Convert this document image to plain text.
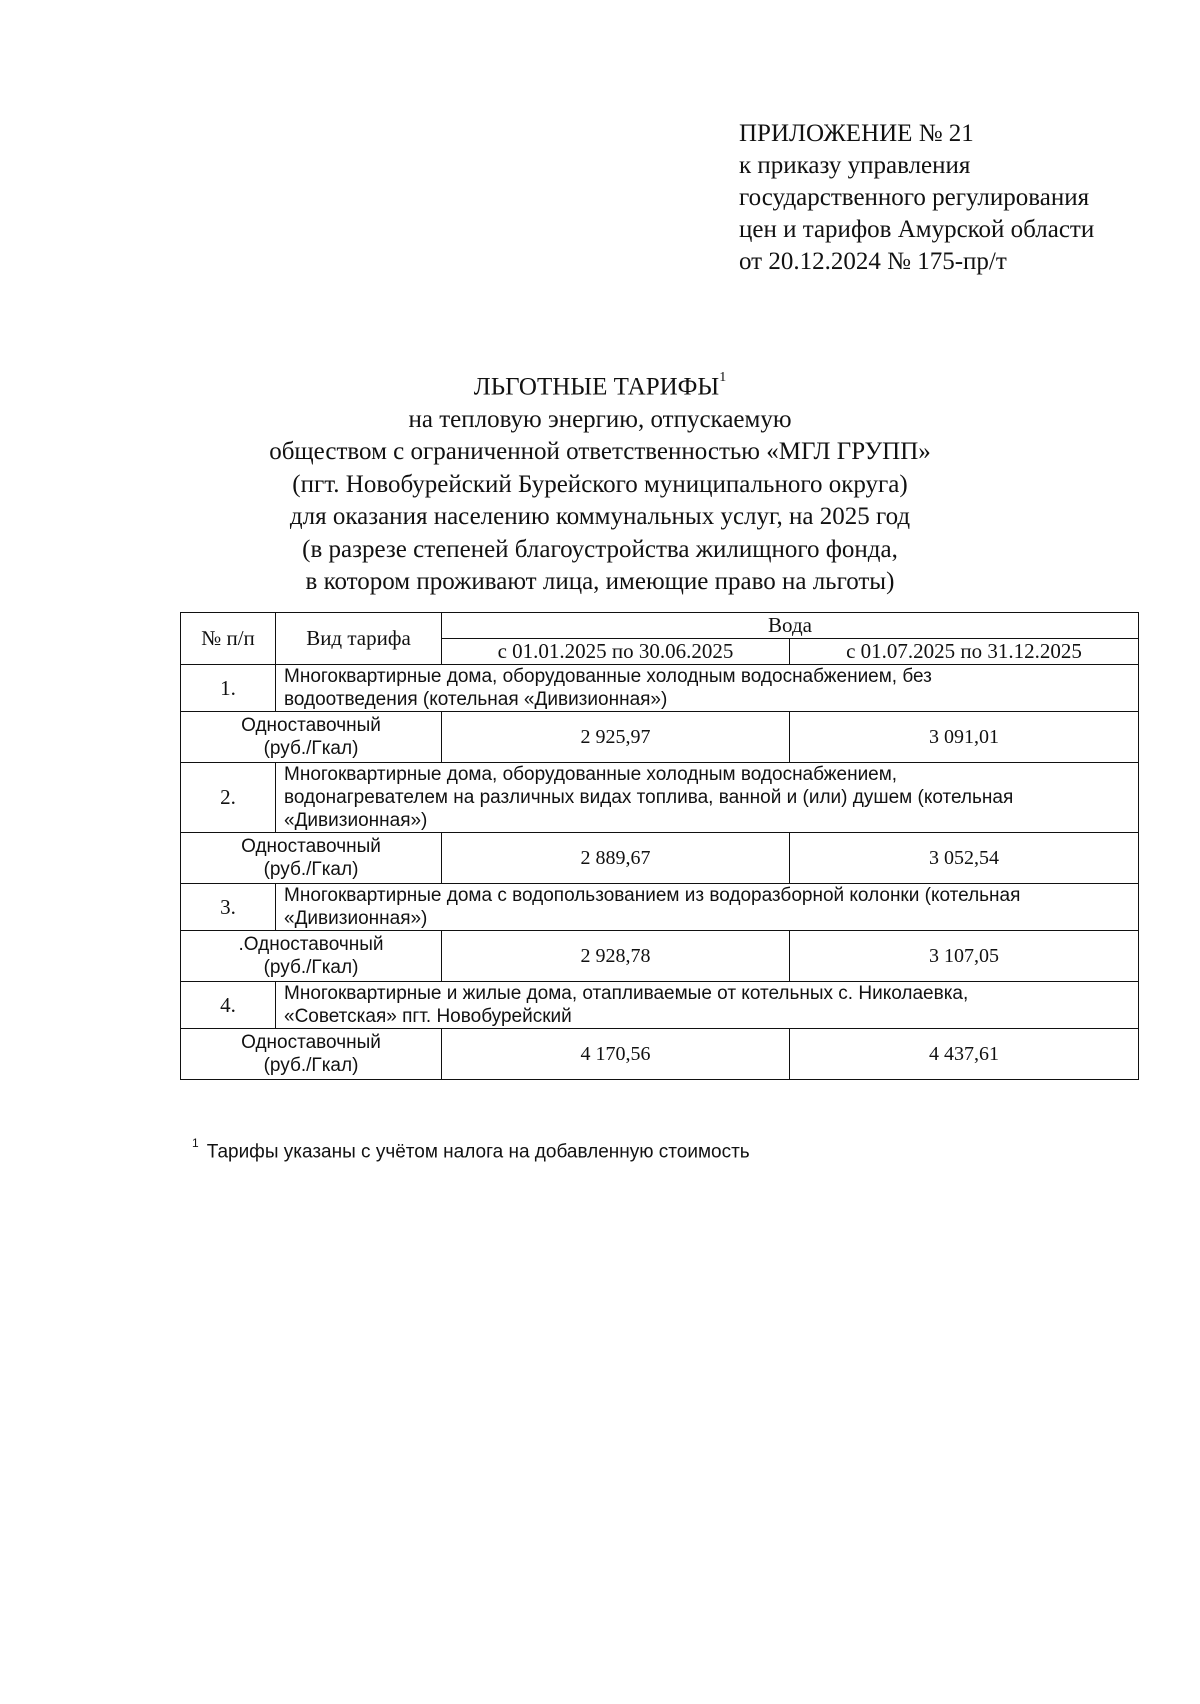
ПРИЛОЖЕНИЕ № 21
к приказу управления
государственного регулирования
цен и тарифов Амурской области
от 20.12.2024 № 175-пр/т
ЛЬГОТНЫЕ ТАРИФЫ$^1$
на тепловую энергию, отпускаемую
обществом с ограниченной ответственностью «МГЛ ГРУПП»
(пгт. Новобурейский Бурейского муниципального округа)
для оказания населению коммунальных услуг, на 2025 год
(в разрезе степеней благоустройства жилищного фонда,
в котором проживают лица, имеющие право на льготы)
№ п/п	Вид тарифа	Вода	
		с 01.01.2025 по 30.06.2025	с 01.07.2025 по 31.12.2025
1.	Многоквартирные дома, оборудованные холодным водоснабжением, без
водоотведения (котельная «Дивизионная»)		

Одноставочный
(руб./Гкал)		2 925,97	3 091,01
2.	Многоквартирные дома, оборудованные холодным водоснабжением,
водонагревателем на различных видах топлива, ванной и (или) душем (котельная
«Дивизионная»)		

Одноставочный
(руб./Гкал)		2 889,67	3 052,54
3.	Многоквартирные дома с водопользованием из водоразборной колонки (котельная
«Дивизионная»)		

.Одноставочный
(руб./Гкал)		2 928,78	3 107,05
4.	Многоквартирные и жилые дома, отапливаемые от котельных с. Николаевка,
«Советская» пгт. Новобурейский		

Одноставочный
(руб./Гкал)		4 170,56	4 437,61
$^1$ Тарифы указаны с учётом налога на добавленную стоимость
